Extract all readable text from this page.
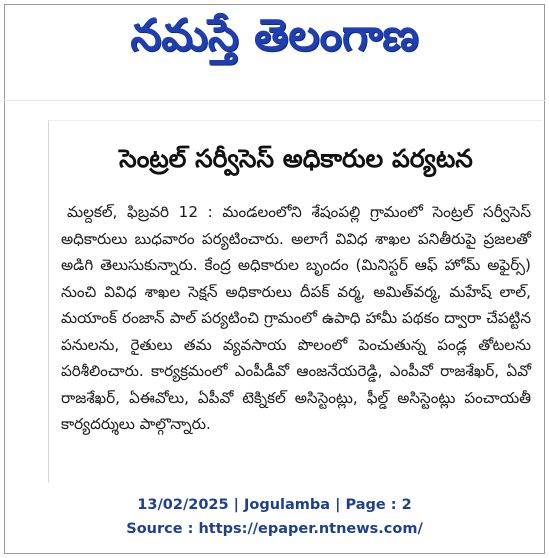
నమస్తే తెలంగాణ
సెంట్రల్ సర్వీసెస్ అధికారుల పర్యటన

మల్దకల్, ఫిబ్రవరి 12 : మండలంలోని శేషంపల్లి గ్రామంలో సెంట్రల్ సర్వీసెస్ అధికారులు బుధవారం పర్యటించారు. అలాగే వివిధ శాఖల పనితీరుపై ప్రజలతో అడిగి తెలుసుకున్నారు. కేంద్ర అధికారుల బృందం (మినిస్టర్ ఆఫ్ హోమ్ అఫైర్స్) నుంచి వివిధ శాఖల సెక్షన్ అధికారులు దీపక్ వర్మ, అమిత్‌వర్మ, మహేష్ లాల్, మయాంక్ రంజాన్ పాల్ పర్యటించి గ్రామంలో ఉపాధి హామీ పథకం ద్వారా చేపట్టిన పనులను, రైతులు తమ వ్యవసాయ పొలంలో పెంచుతున్న పండ్ల తోటలను పరిశీలించారు. కార్యక్రమంలో ఎంపీడీవో ఆంజనేయరెడ్డి, ఎంపీవో రాజశేఖర్, ఏవో రాజశేఖర్, ఏఈవోలు, ఏపీవో టెక్నికల్ అసిస్టెంట్లు, ఫీల్డ్ అసిస్టెంట్లు పంచాయతీ కార్యదర్శులు పాల్గొన్నారు.

13/02/2025 | Jogulamba | Page : 2
Source : https://epaper.ntnews.com/
